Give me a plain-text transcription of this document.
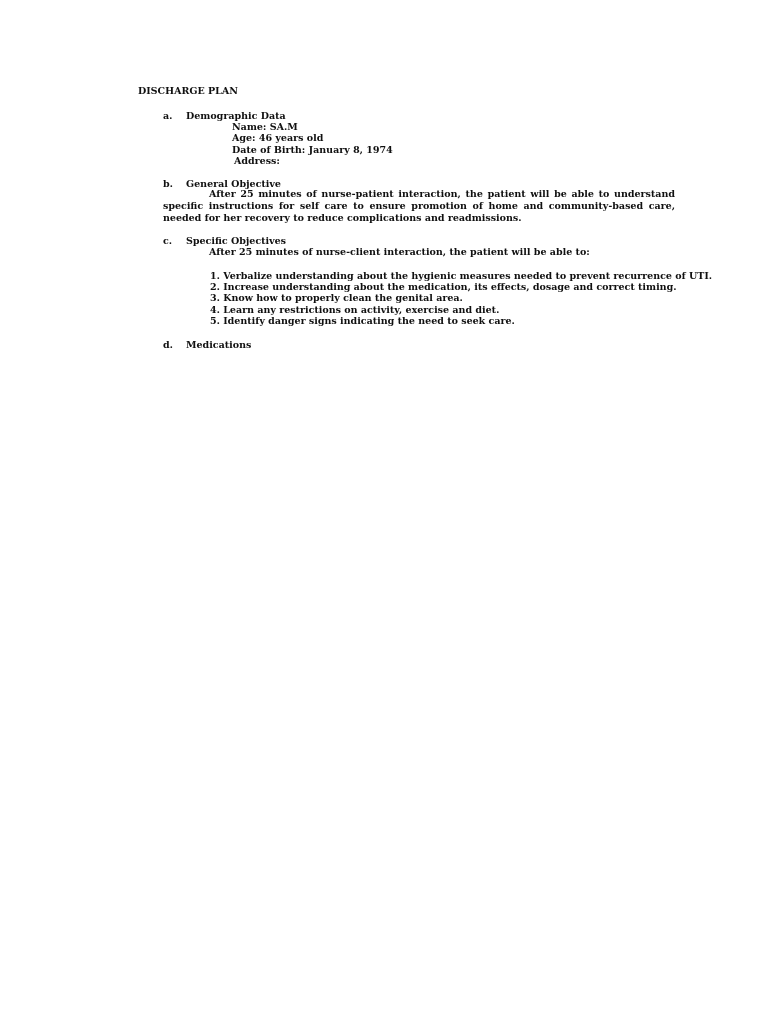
DISCHARGE PLAN
a. Demographic Data
Name: SA.M
Age: 46 years old
Date of Birth: January 8, 1974
Address:
b. General Objective
After 25 minutes of nurse-patient interaction, the patient will be able to understand specific instructions for self care to ensure promotion of home and community-based care, needed for her recovery to reduce complications and readmissions.
c. Specific Objectives
After 25 minutes of nurse-client interaction, the patient will be able to:
1. Verbalize understanding about the hygienic measures needed to prevent recurrence of UTI.
2. Increase understanding about the medication, its effects, dosage and correct timing.
3. Know how to properly clean the genital area.
4. Learn any restrictions on activity, exercise and diet.
5. Identify danger signs indicating the need to seek care.
d. Medications
